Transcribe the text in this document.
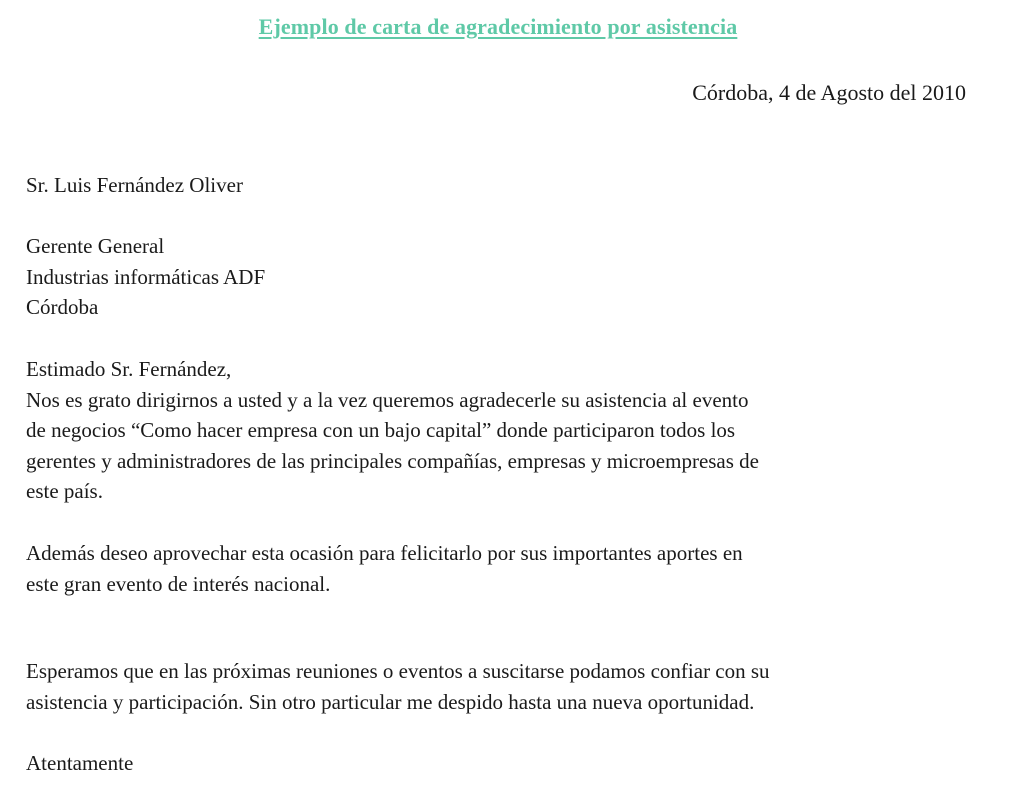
Ejemplo de carta de agradecimiento por asistencia
Córdoba, 4 de Agosto del 2010
Sr. Luis Fernández Oliver
Gerente General
Industrias informáticas ADF
Córdoba
Estimado Sr. Fernández,
Nos es grato dirigirnos a usted y a la vez queremos agradecerle su asistencia al evento
de negocios “Como hacer empresa con un bajo capital” donde participaron todos los
gerentes y administradores de las principales compañías, empresas y microempresas de
este país.
Además deseo aprovechar esta ocasión para felicitarlo por sus importantes aportes en
este gran evento de interés nacional.
Esperamos que en las próximas reuniones o eventos a suscitarse podamos confiar con su
asistencia y participación. Sin otro particular me despido hasta una nueva oportunidad.
Atentamente
